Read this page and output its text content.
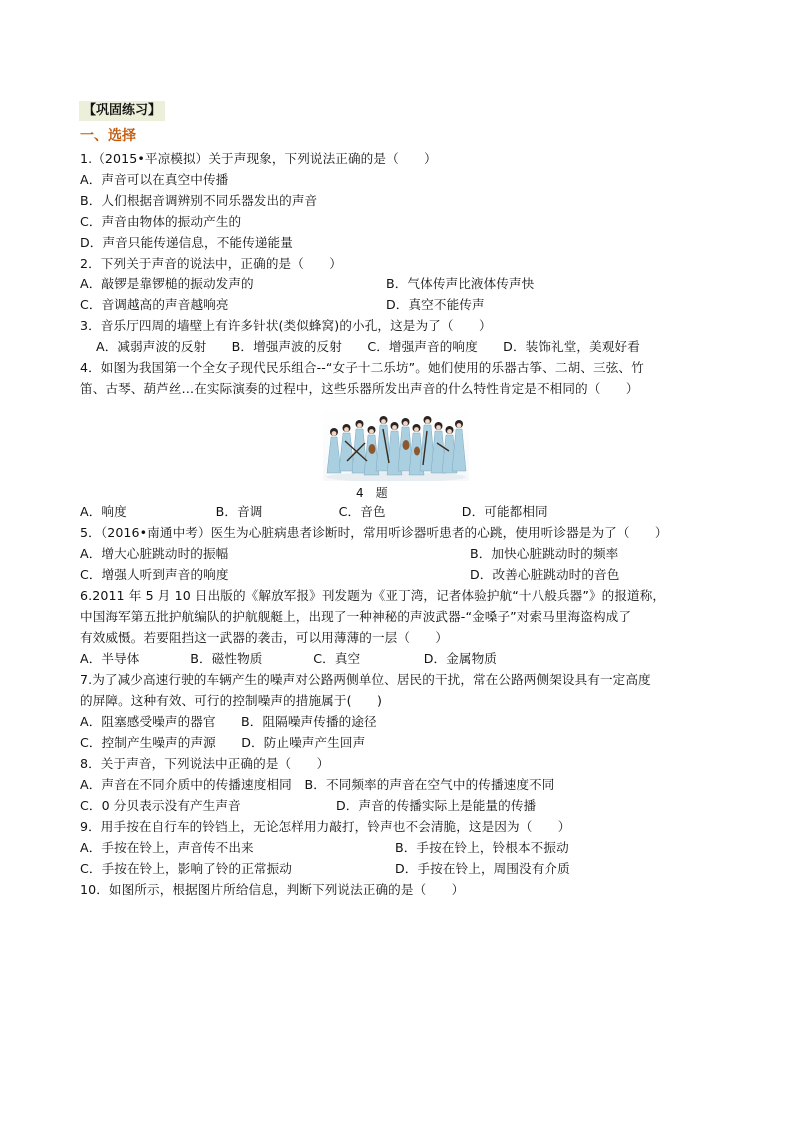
【巩固练习】
一、选择
1.（2015•平凉模拟）关于声现象，下列说法正确的是（　　）
A．声音可以在真空中传播
B．人们根据音调辨别不同乐器发出的声音
C．声音由物体的振动产生的
D．声音只能传递信息，不能传递能量
2．下列关于声音的说法中，正确的是（　　）
A．敲锣是靠锣槌的振动发声的	B．气体传声比液体传声快
C．音调越高的声音越响亮	D．真空不能传声
3．音乐厅四周的墙壁上有许多针状(类似蜂窝)的小孔，这是为了（　　）
A．减弱声波的反射　　B．增强声波的反射　　C．增强声音的响度　　D．装饰礼堂，美观好看
4．如图为我国第一个全女子现代民乐组合--“女子十二乐坊”。她们使用的乐器古筝、二胡、三弦、竹
笛、古琴、葫芦丝…在实际演奏的过程中，这些乐器所发出声音的什么特性肯定是不相同的（　　）
4　题
A．响度　　　　　　　B．音调　　　　　　C．音色　　　　　　D．可能都相同
5．（2016•南通中考）医生为心脏病患者诊断时，常用听诊器听患者的心跳，使用听诊器是为了（　　）
A．增大心脏跳动时的振幅	B．加快心脏跳动时的频率
C．增强人听到声音的响度	D．改善心脏跳动时的音色
6.2011 年 5 月 10 日出版的《解放军报》刊发题为《亚丁湾，记者体验护航“十八般兵器”》的报道称，
中国海军第五批护航编队的护航舰艇上，出现了一种神秘的声波武器-“金嗓子”对索马里海盗构成了
有效威慑。若要阻挡这一武器的袭击，可以用薄薄的一层（　　）
A．半导体　　　　B．磁性物质　　　　C．真空　　　　　D．金属物质
7.为了减少高速行驶的车辆产生的噪声对公路两侧单位、居民的干扰，常在公路两侧架设具有一定高度
的屏障。这种有效、可行的控制噪声的措施属于(　　)
A．阻塞感受噪声的器官　　B．阻隔噪声传播的途径
C．控制产生噪声的声源　　D．防止噪声产生回声
8．关于声音，下列说法中正确的是（　　）
A．声音在不同介质中的传播速度相同　B．不同频率的声音在空气中的传播速度不同
C．0 分贝表示没有产生声音	D．声音的传播实际上是能量的传播
9．用手按在自行车的铃铛上，无论怎样用力敲打，铃声也不会清脆，这是因为（　　）
A．手按在铃上，声音传不出来	B．手按在铃上，铃根本不振动
C．手按在铃上，影响了铃的正常振动	D．手按在铃上，周围没有介质
10．如图所示，根据图片所给信息，判断下列说法正确的是（　　）
